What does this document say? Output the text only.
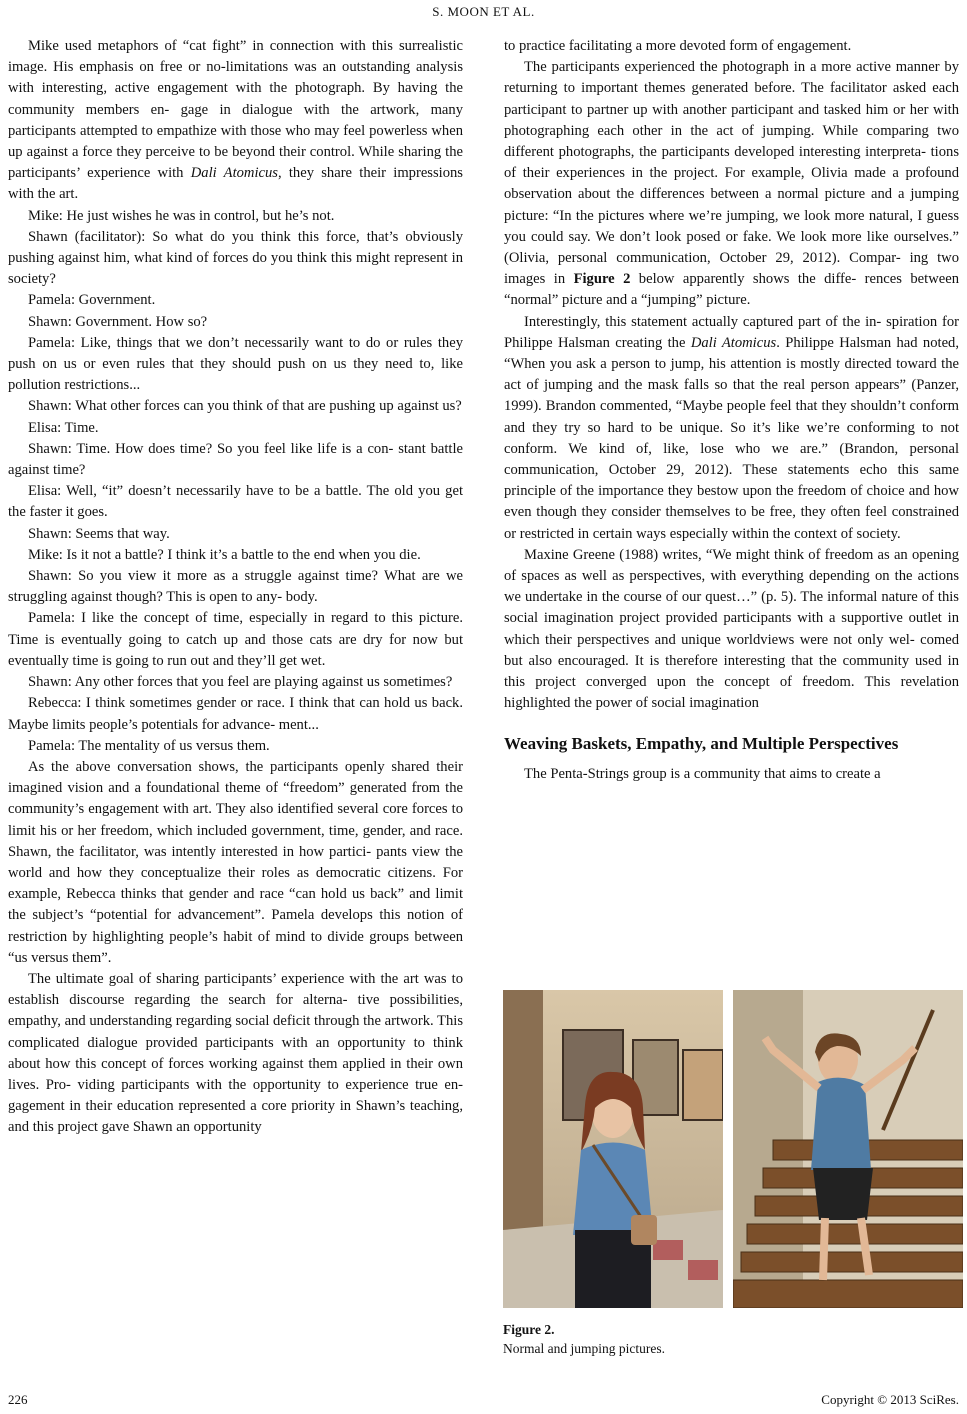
S. MOON ET AL.

Mike used metaphors of “cat fight” in connection with this surrealistic image. His emphasis on free or no-limitations was an outstanding analysis with interesting, active engagement with the photograph. By having the community members en- gage in dialogue with the artwork, many participants attempted to empathize with those who may feel powerless when up against a force they perceive to be beyond their control. While sharing the participants’ experience with Dali Atomicus, they share their impressions with the art.

Mike: He just wishes he was in control, but he’s not.

Shawn (facilitator): So what do you think this force, that’s obviously pushing against him, what kind of forces do you think this might represent in society?

Pamela: Government.

Shawn: Government. How so?

Pamela: Like, things that we don’t necessarily want to do or rules they push on us or even rules that they should push on us they need to, like pollution restrictions...

Shawn: What other forces can you think of that are pushing up against us?

Elisa: Time.

Shawn: Time. How does time? So you feel like life is a con- stant battle against time?

Elisa: Well, “it” doesn’t necessarily have to be a battle. The old you get the faster it goes.

Shawn: Seems that way.

Mike: Is it not a battle? I think it’s a battle to the end when you die.

Shawn: So you view it more as a struggle against time? What are we struggling against though? This is open to any- body.

Pamela: I like the concept of time, especially in regard to this picture. Time is eventually going to catch up and those cats are dry for now but eventually time is going to run out and they’ll get wet.

Shawn: Any other forces that you feel are playing against us sometimes?

Rebecca: I think sometimes gender or race. I think that can hold us back. Maybe limits people’s potentials for advance- ment...

Pamela: The mentality of us versus them.

As the above conversation shows, the participants openly shared their imagined vision and a foundational theme of “freedom” generated from the community’s engagement with art. They also identified several core forces to limit his or her freedom, which included government, time, gender, and race. Shawn, the facilitator, was intently interested in how partici- pants view the world and how they conceptualize their roles as democratic citizens. For example, Rebecca thinks that gender and race “can hold us back” and limit the subject’s “potential for advancement”. Pamela develops this notion of restriction by highlighting people’s habit of mind to divide groups between “us versus them”.

The ultimate goal of sharing participants’ experience with the art was to establish discourse regarding the search for alterna- tive possibilities, empathy, and understanding regarding social deficit through the artwork. This complicated dialogue provided participants with an opportunity to think about how this concept of forces working against them applied in their own lives. Pro- viding participants with the opportunity to experience true en- gagement in their education represented a core priority in Shawn’s teaching, and this project gave Shawn an opportunity

to practice facilitating a more devoted form of engagement.

The participants experienced the photograph in a more active manner by returning to important themes generated before. The facilitator asked each participant to partner up with another participant and tasked him or her with photographing each other in the act of jumping. While comparing two different photographs, the participants developed interesting interpreta- tions of their experiences in the project. For example, Olivia made a profound observation about the differences between a normal picture and a jumping picture: “In the pictures where we’re jumping, we look more natural, I guess you could say. We don’t look posed or fake. We look more like ourselves.” (Olivia, personal communication, October 29, 2012). Compar- ing two images in Figure 2 below apparently shows the diffe- rences between “normal” picture and a “jumping” picture.

Interestingly, this statement actually captured part of the in- spiration for Philippe Halsman creating the Dali Atomicus. Philippe Halsman had noted, “When you ask a person to jump, his attention is mostly directed toward the act of jumping and the mask falls so that the real person appears” (Panzer, 1999). Brandon commented, “Maybe people feel that they shouldn’t conform and they try so hard to be unique. So it’s like we’re conforming to not conform. We kind of, like, lose who we are.” (Brandon, personal communication, October 29, 2012). These statements echo this same principle of the importance they bestow upon the freedom of choice and how even though they consider themselves to be free, they often feel constrained or restricted in certain ways especially within the context of society.

Maxine Greene (1988) writes, “We might think of freedom as an opening of spaces as well as perspectives, with everything depending on the actions we undertake in the course of our quest…” (p. 5). The informal nature of this social imagination project provided participants with a supportive outlet in which their perspectives and unique worldviews were not only wel- comed but also encouraged. It is therefore interesting that the community used in this project converged upon the concept of freedom. This revelation highlighted the power of social imagination

Weaving Baskets, Empathy, and Multiple Perspectives

The Penta-Strings group is a community that aims to create a

Figure 2.
Normal and jumping pictures.
226	Copyright © 2013 SciRes.
